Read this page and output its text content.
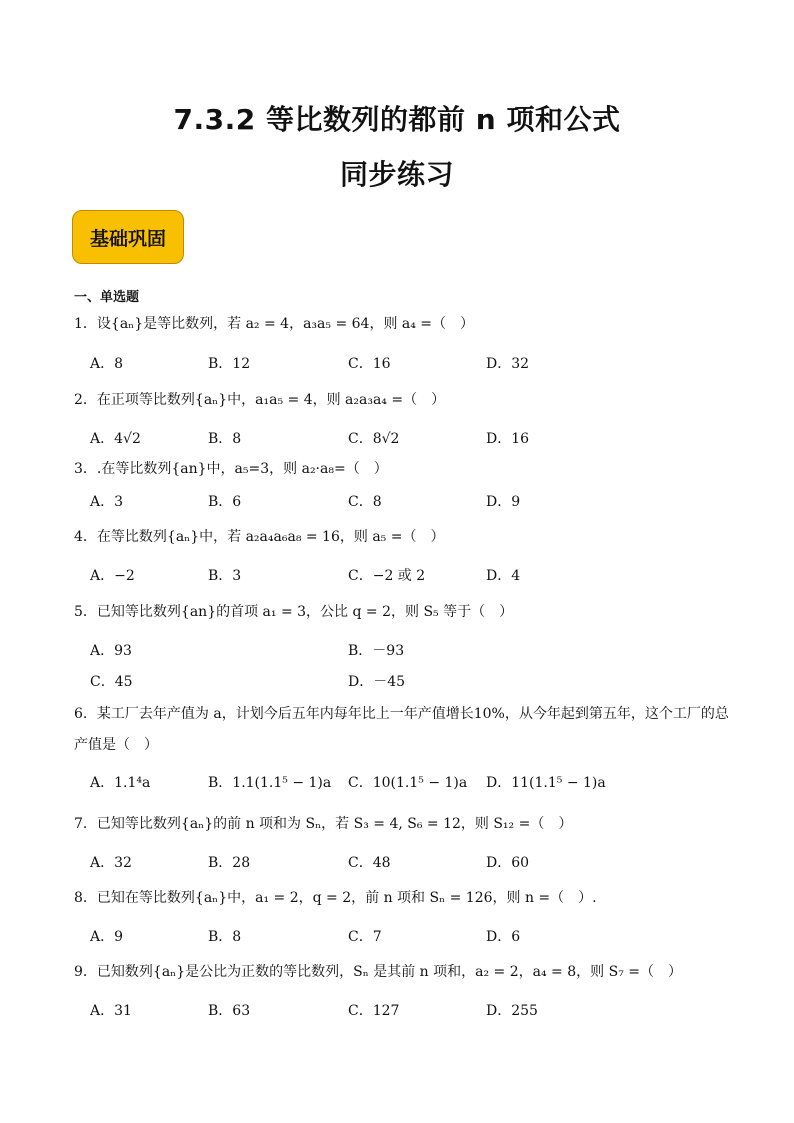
7.3.2 等比数列的都前 n 项和公式
同步练习
基础巩固
一、单选题
1．设{aₙ}是等比数列，若 a₂ = 4，a₃a₅ = 64，则 a₄ =（　）
A．8	B．12	C．16	D．32
2．在正项等比数列{aₙ}中，a₁a₅ = 4，则 a₂a₃a₄ =（　）
A．4√2	B．8	C．8√2	D．16
3．.在等比数列{an}中，a₅=3，则 a₂·a₈=（　）
A．3	B．6	C．8	D．9
4．在等比数列{aₙ}中，若 a₂a₄a₆a₈ = 16，则 a₅ =（　）
A．−2	B．3	C．−2 或 2	D．4
5．已知等比数列{an}的首项 a₁ = 3，公比 q = 2，则 S₅ 等于（　）
A．93	B．－93
C．45	D．－45
6．某工厂去年产值为 a，计划今后五年内每年比上一年产值增长10%，从今年起到第五年，这个工厂的总
产值是（　）
A．1.1⁴a	B．1.1(1.1⁵ − 1)a C．10(1.1⁵ − 1)a D．11(1.1⁵ − 1)a
7．已知等比数列{aₙ}的前 n 项和为 Sₙ，若 S₃ = 4, S₆ = 12，则 S₁₂ =（　）
A．32	B．28	C．48	D．60
8．已知在等比数列{aₙ}中，a₁ = 2，q = 2，前 n 项和 Sₙ = 126，则 n =（　）.
A．9	B．8	C．7	D．6
9．已知数列{aₙ}是公比为正数的等比数列，Sₙ 是其前 n 项和，a₂ = 2，a₄ = 8，则 S₇ =（　）
A．31	B．63	C．127	D．255
